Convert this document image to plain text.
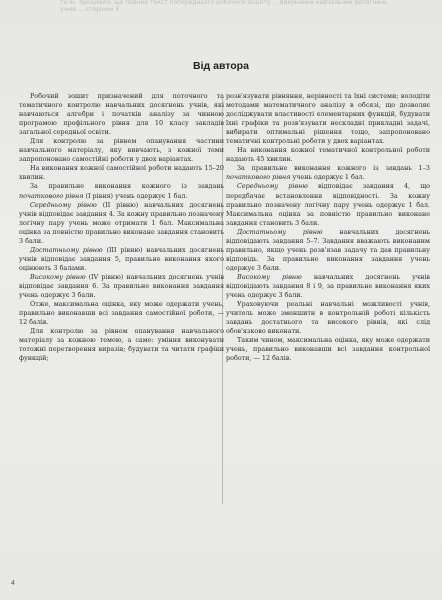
та ін. Зрозуміло, що повний текст попереднього робочого зошиту ... виконання навчальних досягнень учнів ... сторінки 3
Від автора

Робочий зошит призначений для поточного та тематичного контролю навчальних досягнень учнів, які навчаються алгебри і початків аналізу за чинною програмою профільного рівня для 10 класу закладів загальної середньої освіти.

Для контролю за рівнем опанування частини навчального матеріалу, яку вивчають, з кожної теми запропоновано самостійні роботи у двох варіантах.

На виконання кожної самостійної роботи надають 15–20 хвилин.

За правильне виконання кожного із завдань початкового рівня (І рівня) учень одержує 1 бал.

Середньому рівню (ІІ рівню) навчальних досягнень учнів відповідає завдання 4. За кожну правильно позначену логічну пару учень може отримати 1 бал. Максимальна оцінка за повністю правильно виконане завдання становить 3 бали.

Достатньому рівню (ІІІ рівню) навчальних досягнень учнів відповідає завдання 5, правильне виконання якого оцінюють 3 балами.

Високому рівню (IV рівню) навчальних досягнень учнів відповідає завдання 6. За правильне виконання завдання учень одержує 3 бали.

Отже, максимальна оцінка, яку може одержати учень, правильно виконавши всі завдання самостійної роботи, — 12 балів.

Для контролю за рівнем опанування навчального матеріалу за кожною темою, а саме: уміння виконувати тотожні перетворення виразів; будувати та читати графіки функцій;

розв'язувати рівняння, нерівності та їхні системи; володіти методами математичного аналізу в обсязі, що дозволяє досліджувати властивості елементарних функцій, будувати їхні графіки та розв'язувати нескладні прикладні задачі, вибирати оптимальні рішення тощо, запропоновано тематичні контрольні роботи у двох варіантах.

На виконання кожної тематичної контрольної роботи надають 45 хвилин.

За правильне виконання кожного із завдань 1–3 початкового рівня учень одержує 1 бал.

Середньому рівню відповідає завдання 4, що передбачає встановлення відповідності. За кожну правильно позначену логічну пару учень одержує 1 бал. Максимальна оцінка за повністю правильно виконане завдання становить 3 бали.

Достатньому рівню навчальних досягнень відповідають завдання 5–7. Завдання вважають виконаним правильно, якщо учень розв'язав задачу та дав правильну відповідь. За правильне виконання завдання учень одержує 3 бали.

Високому рівню навчальних досягнень учнів відповідають завдання 8 і 9, за правильне виконання яких учень одержує 3 бали.

Ураховуючи реальні навчальні можливості учнів, учитель може зменшити в контрольній роботі кількість завдань достатнього та високого рівнів, які слід обов'язково виконати.

Таким чином, максимальна оцінка, яку може одержати учень, правильно виконавши всі завдання контрольної роботи, — 12 балів.

4
